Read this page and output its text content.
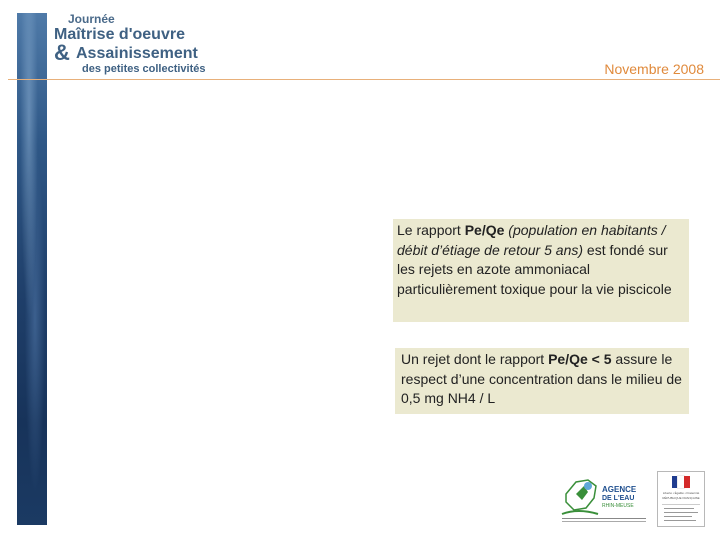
Journée
Maîtrise d'oeuvre
& Assainissement
des petites collectivités	Novembre 2008
Le rapport Pe/Qe (population en habitants / débit d’étiage de retour 5 ans) est fondé sur les rejets en azote ammoniacal particulièrement toxique pour la vie piscicole
Un rejet dont le rapport Pe/Qe < 5 assure le respect d’une concentration dans le milieu de 0,5 mg NH4 / L
AGENCE
DE L'EAU
RHIN-MEUSE
Liberté • Égalité • Fraternité
RÉPUBLIQUE FRANÇAISE
